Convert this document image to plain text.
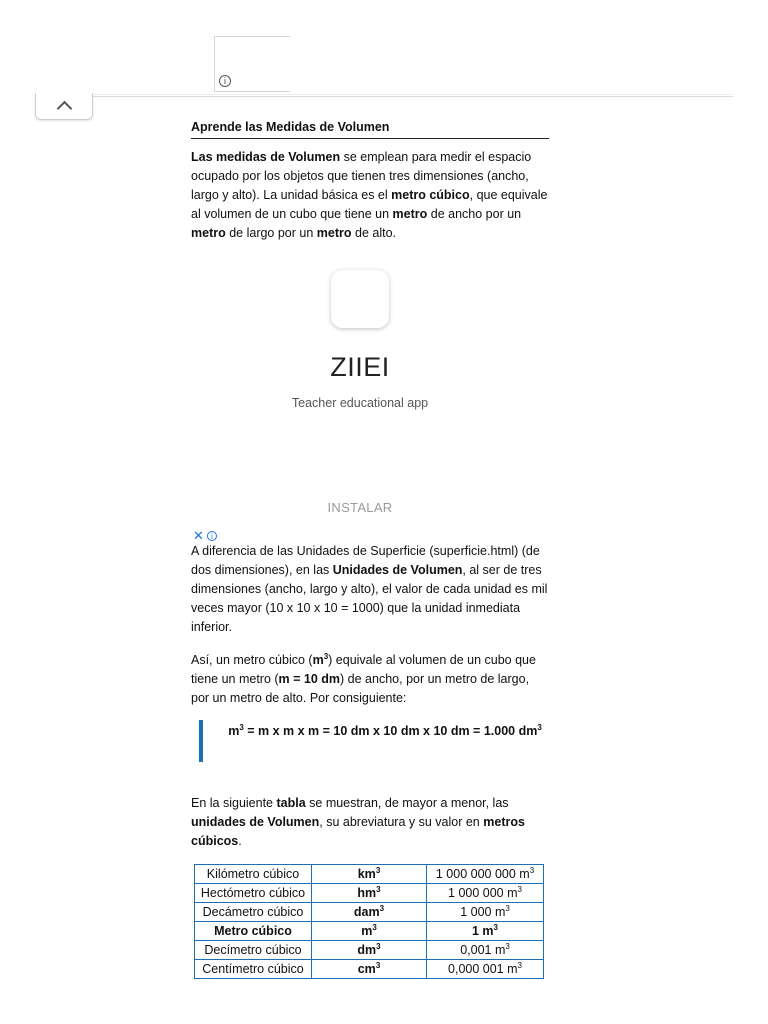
i
Aprende las Medidas de Volumen

Las medidas de Volumen se emplean para medir el espacio ocupado por los objetos que tienen tres dimensiones (ancho, largo y alto). La unidad básica es el metro cúbico, que equivale al volumen de un cubo que tiene un metro de ancho por un metro de largo por un metro de alto.

ZIIEI
Teacher educational app
INSTALAR
✕ i

A diferencia de las Unidades de Superficie (superficie.html) (de dos dimensiones), en las Unidades de Volumen, al ser de tres dimensiones (ancho, largo y alto), el valor de cada unidad es mil veces mayor (10 x 10 x 10 = 1000) que la unidad inmediata inferior.

Así, un metro cúbico $(m^3)$ equivale al volumen de un cubo que tiene un metro (m = 10 dm) de ancho, por un metro de largo, por un metro de alto. Por consiguiente:

$m^3 = m$ x m x m = 10 dm x 10 dm x 10 dm = 1.000 $dm^3$

En la siguiente tabla se muestran, de mayor a menor, las unidades de Volumen, su abreviatura y su valor en metros cúbicos.

Kilómetro cúbico	$km^3$	1 000 000 000 $m^3$
Hectómetro cúbico	$hm^3$	1 000 000 $m^3$
Decámetro cúbico	dam$^3$	1 000 $m^3$
Metro cúbico	$m^3$	1 $m^3$
Decímetro cúbico	$dm^3$	0,001 $m^3$
Centímetro cúbico	$cm^3$	0,000 001 $m^3$
